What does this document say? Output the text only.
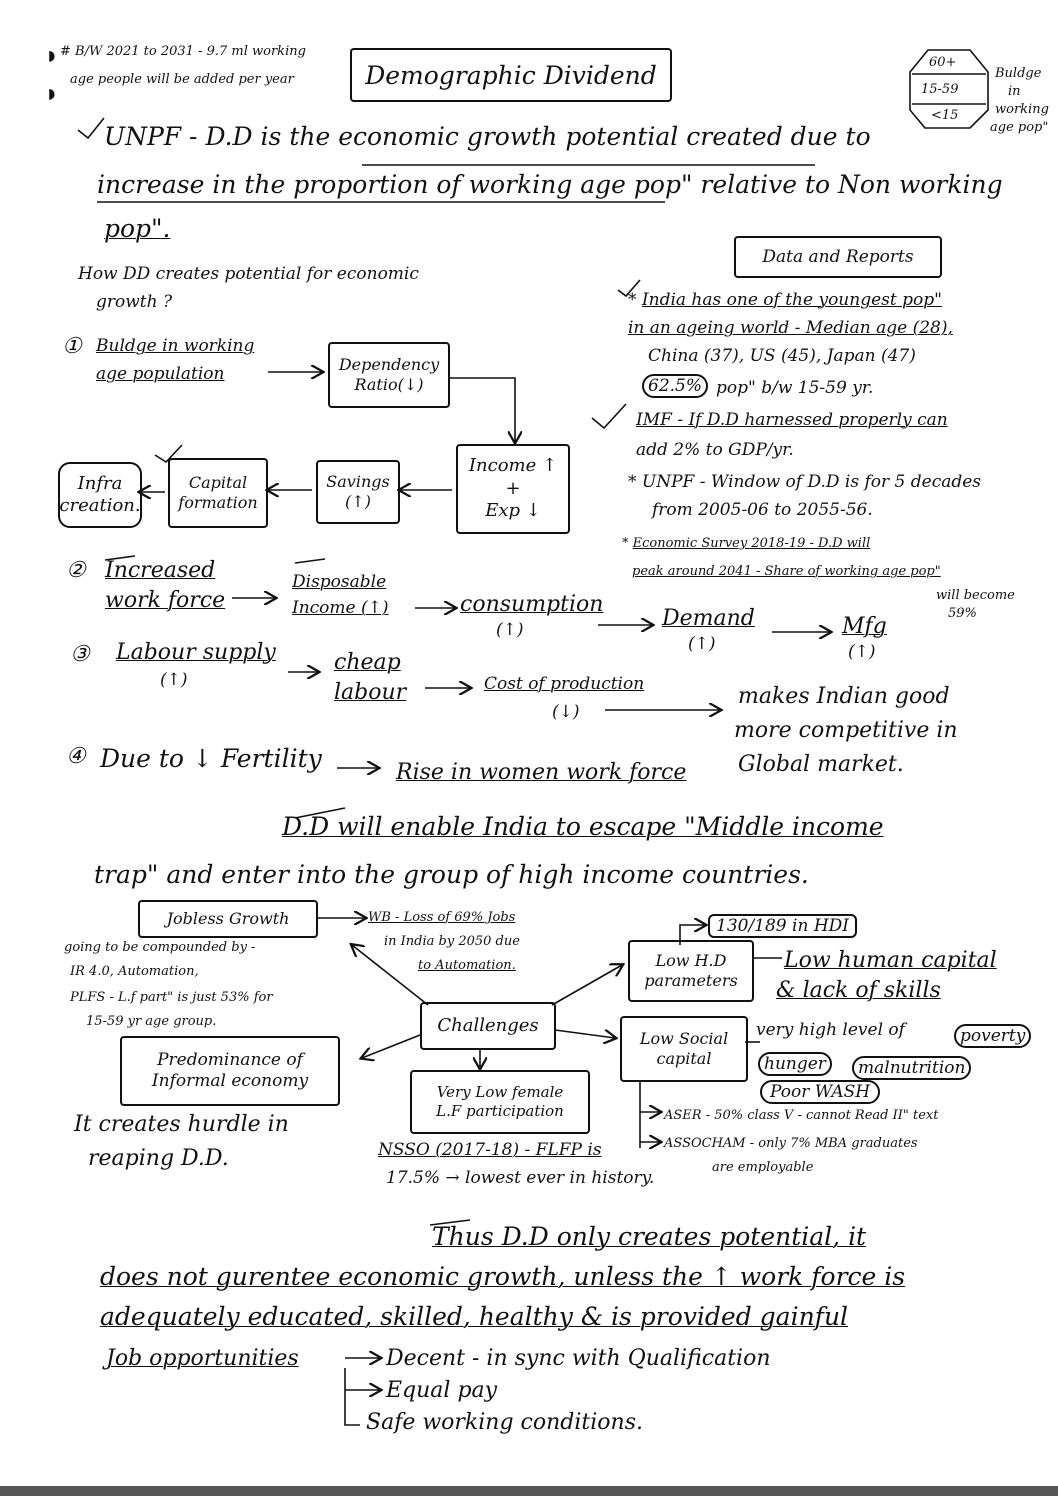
# B/W 2021 to 2031 - 9.7 ml working
age people will be added per year
◗
◗
Demographic Dividend	60+
15-59
<15
Buldge
in
working
age pop"
UNPF - D.D is the economic growth potential created due to
increase in the proportion of working age pop" relative to Non working
pop".
How DD creates potential for economic
growth ?
① Buldge in working
age population	Dependency
Ratio(↓)
Income ↑
+
Exp ↓
Savings
(↑)
Capital
formation
Infra
creation.
② Increased
work force
Disposable
Income (↑)	consumption
(↑)	Demand
(↑)
Mfg
(↑)
③ Labour supply
(↑)
cheap
labour	Cost of production
(↓)
makes Indian good
more competitive in
Global market.
④ Due to ↓ Fertility	Rise in women work force
Data and Reports
* India has one of the youngest pop"
in an ageing world - Median age (28),
China (37), US (45), Japan (47)
62.5% pop" b/w 15-59 yr.
IMF - If D.D harnessed properly can
add 2% to GDP/yr.
* UNPF - Window of D.D is for 5 decades
from 2005-06 to 2055-56.
* Economic Survey 2018-19 - D.D will
peak around 2041 - Share of working age pop"
will become
59%
D.D will enable India to escape "Middle income
trap" and enter into the group of high income countries.
Jobless Growth
going to be compounded by -
IR 4.0, Automation,
PLFS - L.f part" is just 53% for
15-59 yr age group.
WB - Loss of 69% Jobs
in India by 2050 due
to Automation.
Challenges
Predominance of
Informal economy
It creates hurdle in
reaping D.D.
Very Low female
L.F participation
NSSO (2017-18) - FLFP is
17.5% → lowest ever in history.
Low H.D
parameters
130/189 in HDI
Low human capital
& lack of skills
Low Social
capital
very high level of	poverty
hunger	malnutrition
Poor WASH
ASER - 50% class V - cannot Read II" text
ASSOCHAM - only 7% MBA graduates
are employable
Thus D.D only creates potential, it
does not gurentee economic growth, unless the ↑ work force is
adequately educated, skilled, healthy & is provided gainful
Job opportunities	Decent - in sync with Qualification
Equal pay
Safe working conditions.
